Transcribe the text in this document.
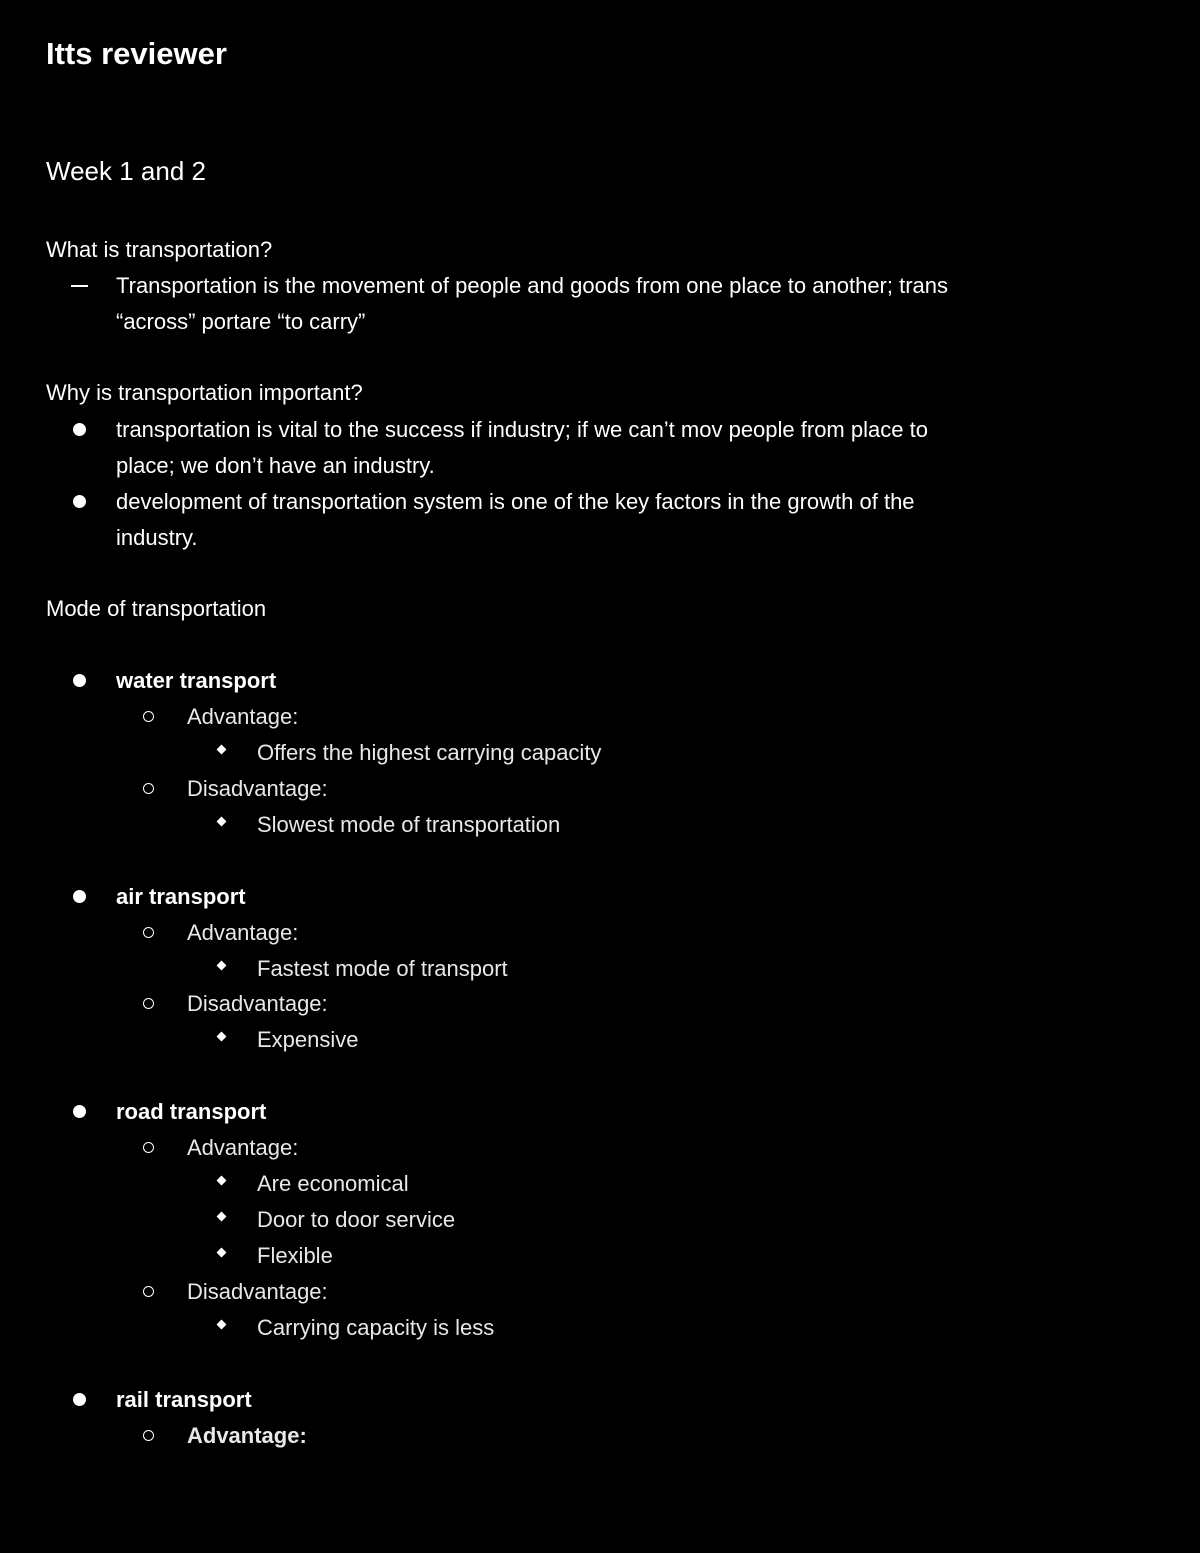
Itts reviewer
Week 1 and 2
What is transportation?
Transportation is the movement of people and goods from one place to another; trans
“across” portare “to carry”
Why is transportation important?
transportation is vital to the success if industry; if we can’t mov people from place to
place; we don’t have an industry.
development of transportation system is one of the key factors in the growth of the
industry.
Mode of transportation
water transport
Advantage:
Offers the highest carrying capacity
Disadvantage:
Slowest mode of transportation
air transport
Advantage:
Fastest mode of transport
Disadvantage:
Expensive
road transport
Advantage:
Are economical
Door to door service
Flexible
Disadvantage:
Carrying capacity is less
rail transport
Advantage:
